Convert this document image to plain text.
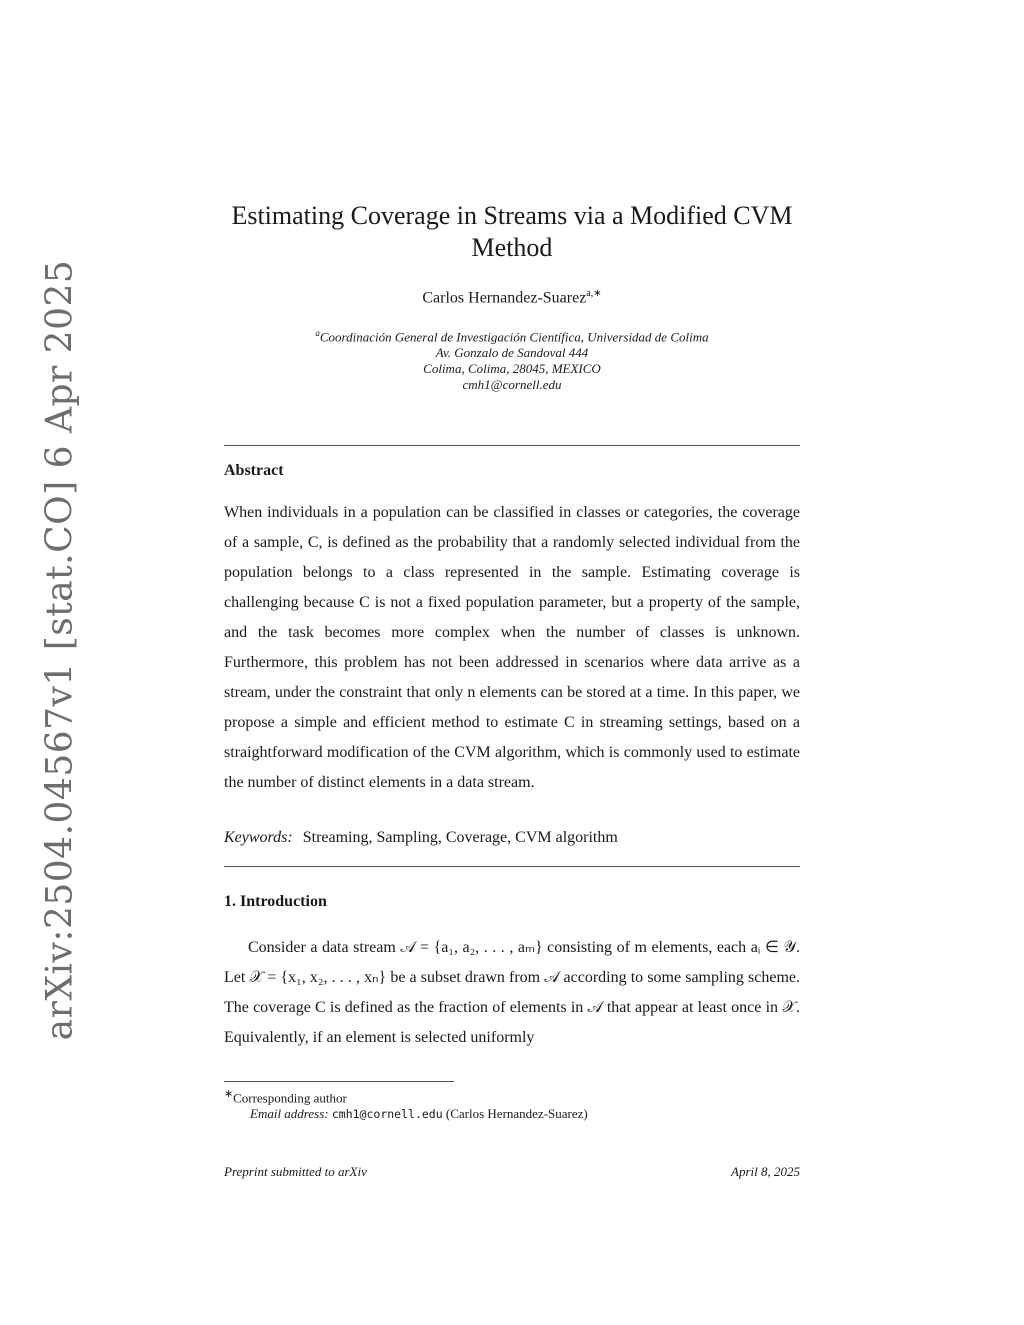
arXiv:2504.04567v1 [stat.CO] 6 Apr 2025
Estimating Coverage in Streams via a Modified CVM
Method
Carlos Hernandez-Suarez$^{a,∗}$
$^a$Coordinación General de Investigación Científica, Universidad de Colima
Av. Gonzalo de Sandoval 444
Colima, Colima, 28045, MEXICO
cmh1@cornell.edu
Abstract
When individuals in a population can be classified in classes or categories, the coverage of a sample, C, is defined as the probability that a randomly selected individual from the population belongs to a class represented in the sample. Estimating coverage is challenging because C is not a fixed population parameter, but a property of the sample, and the task becomes more complex when the number of classes is unknown. Furthermore, this problem has not been addressed in scenarios where data arrive as a stream, under the constraint that only n elements can be stored at a time. In this paper, we propose a simple and efficient method to estimate C in streaming settings, based on a straightforward modification of the CVM algorithm, which is commonly used to estimate the number of distinct elements in a data stream.
Keywords: Streaming, Sampling, Coverage, CVM algorithm
1. Introduction
Consider a data stream 𝒜 = {a₁, a₂, . . . , aₘ} consisting of m elements, each aᵢ ∈ 𝒴. Let 𝒳 = {x₁, x₂, . . . , xₙ} be a subset drawn from 𝒜 according to some sampling scheme. The coverage C is defined as the fraction of elements in 𝒜 that appear at least once in 𝒳. Equivalently, if an element is selected uniformly
∗Corresponding author
Email address: cmh1@cornell.edu (Carlos Hernandez-Suarez)
Preprint submitted to arXiv	April 8, 2025
